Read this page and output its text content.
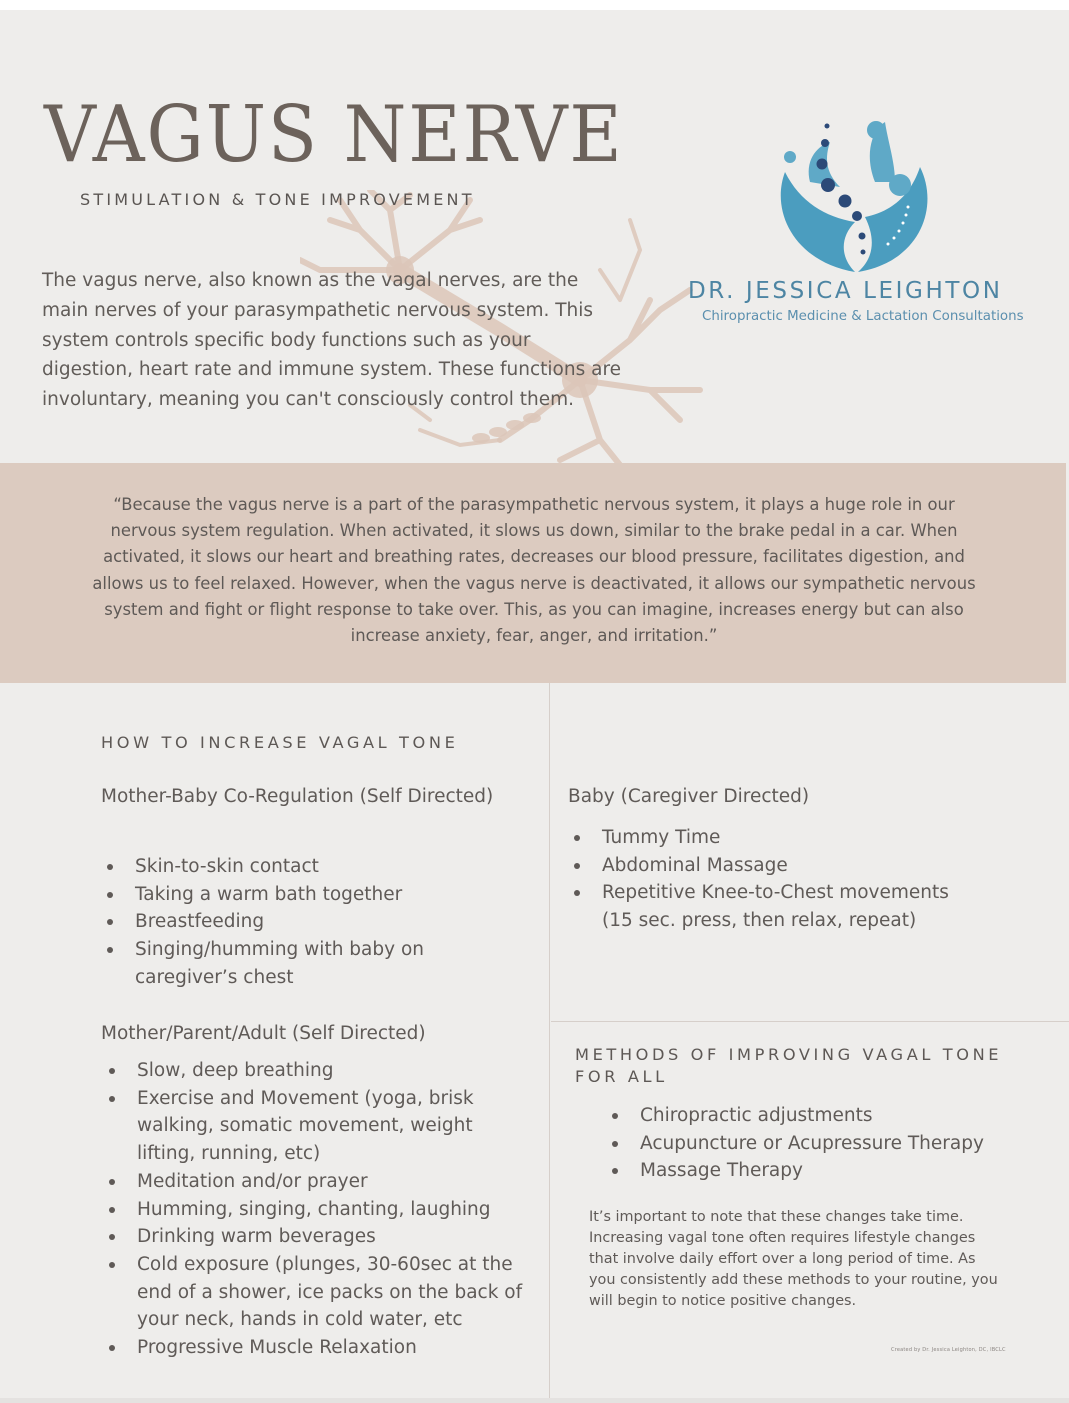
VAGUS NERVE
STIMULATION & TONE IMPROVEMENT

The vagus nerve, also known as the vagal nerves, are the main nerves of your parasympathetic nervous system. This system controls specific body functions such as your digestion, heart rate and immune system. These functions are involuntary, meaning you can't consciously control them.

DR. JESSICA LEIGHTON
Chiropractic Medicine & Lactation Consultations

“Because the vagus nerve is a part of the parasympathetic nervous system, it plays a huge role in our nervous system regulation. When activated, it slows us down, similar to the brake pedal in a car. When activated, it slows our heart and breathing rates, decreases our blood pressure, facilitates digestion, and allows us to feel relaxed. However, when the vagus nerve is deactivated, it allows our sympathetic nervous system and fight or flight response to take over. This, as you can imagine, increases energy but can also increase anxiety, fear, anger, and irritation.”

HOW TO INCREASE VAGAL TONE
Mother-Baby Co-Regulation (Self Directed)
Skin-to-skin contact
Taking a warm bath together
Breastfeeding
Singing/humming with baby on caregiver’s chest
Mother/Parent/Adult (Self Directed)
Slow, deep breathing
Exercise and Movement (yoga, brisk walking, somatic movement, weight lifting, running, etc)
Meditation and/or prayer
Humming, singing, chanting, laughing
Drinking warm beverages
Cold exposure (plunges, 30-60sec at the end of a shower, ice packs on the back of your neck, hands in cold water, etc
Progressive Muscle Relaxation
Baby (Caregiver Directed)
Tummy Time
Abdominal Massage
Repetitive Knee-to-Chest movements (15 sec. press, then relax, repeat)
METHODS OF IMPROVING VAGAL TONE FOR ALL
Chiropractic adjustments
Acupuncture or Acupressure Therapy
Massage Therapy

It’s important to note that these changes take time. Increasing vagal tone often requires lifestyle changes that involve daily effort over a long period of time. As you consistently add these methods to your routine, you will begin to notice positive changes.

Created by Dr. Jessica Leighton, DC, IBCLC
